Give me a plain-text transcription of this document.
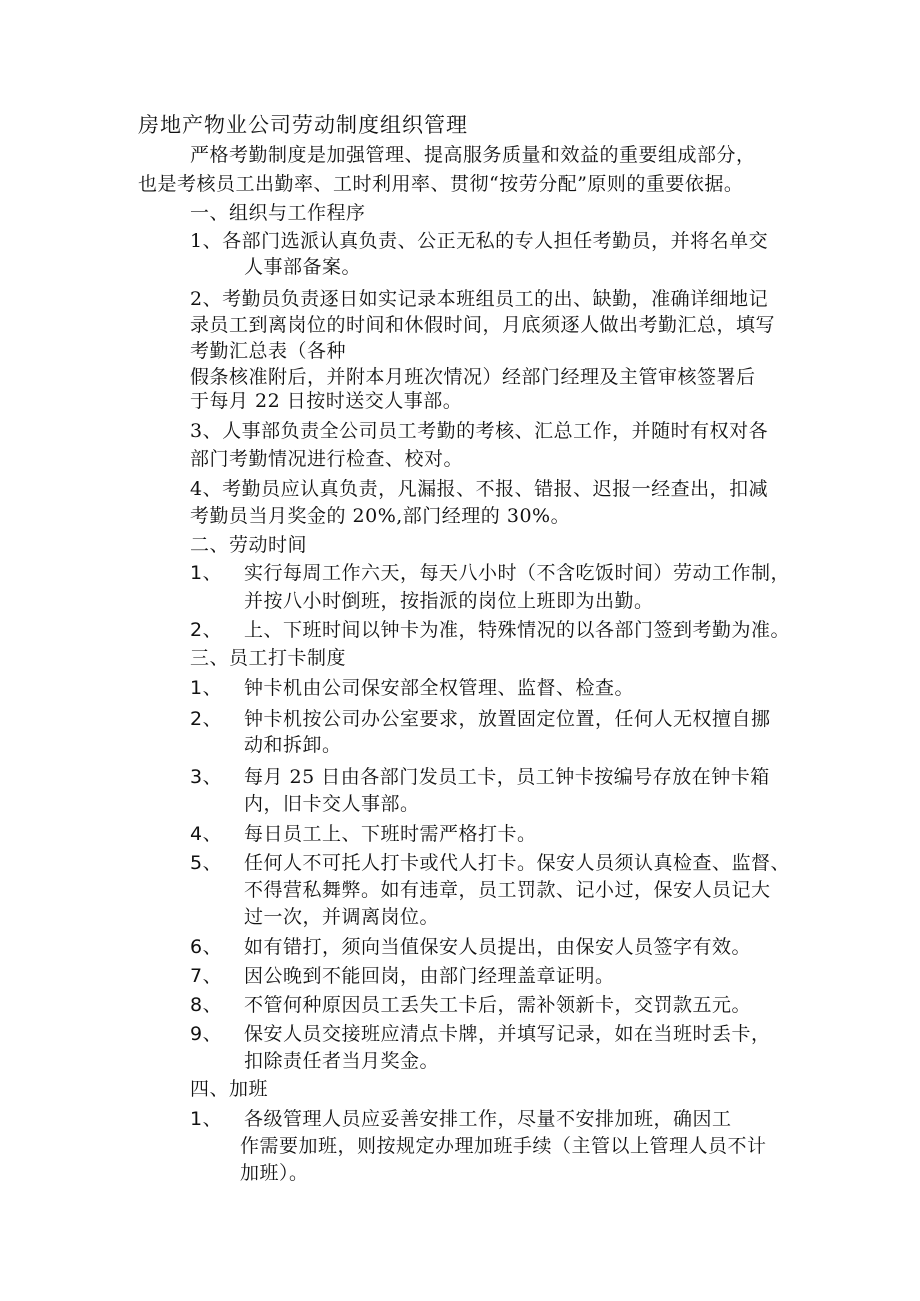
房地产物业公司劳动制度组织管理
严格考勤制度是加强管理、提高服务质量和效益的重要组成部分，
也是考核员工出勤率、工时利用率、贯彻“按劳分配”原则的重要依据。
一、组织与工作程序
1、各部门选派认真负责、公正无私的专人担任考勤员，并将名单交
人事部备案。
2、考勤员负责逐日如实记录本班组员工的出、缺勤，准确详细地记
录员工到离岗位的时间和休假时间，月底须逐人做出考勤汇总，填写
考勤汇总表（各种
假条核准附后，并附本月班次情况）经部门经理及主管审核签署后
于每月 22 日按时送交人事部。
3、人事部负责全公司员工考勤的考核、汇总工作，并随时有权对各
部门考勤情况进行检查、校对。
4、考勤员应认真负责，凡漏报、不报、错报、迟报一经查出，扣减
考勤员当月奖金的 20%,部门经理的 30%。
二、劳动时间
1、 实行每周工作六天，每天八小时（不含吃饭时间）劳动工作制，
并按八小时倒班，按指派的岗位上班即为出勤。
2、 上、下班时间以钟卡为准，特殊情况的以各部门签到考勤为准。
三、员工打卡制度
1、 钟卡机由公司保安部全权管理、监督、检查。
2、 钟卡机按公司办公室要求，放置固定位置，任何人无权擅自挪
动和拆卸。
3、 每月 25 日由各部门发员工卡，员工钟卡按编号存放在钟卡箱
内，旧卡交人事部。
4、 每日员工上、下班时需严格打卡。
5、 任何人不可托人打卡或代人打卡。保安人员须认真检查、监督、
不得营私舞弊。如有违章，员工罚款、记小过，保安人员记大
过一次，并调离岗位。
6、 如有错打，须向当值保安人员提出，由保安人员签字有效。
7、 因公晚到不能回岗，由部门经理盖章证明。
8、 不管何种原因员工丢失工卡后，需补领新卡，交罚款五元。
9、 保安人员交接班应清点卡牌，并填写记录，如在当班时丢卡，
扣除责任者当月奖金。
四、加班
1、 各级管理人员应妥善安排工作，尽量不安排加班，确因工
作需要加班，则按规定办理加班手续（主管以上管理人员不计
加班）。
